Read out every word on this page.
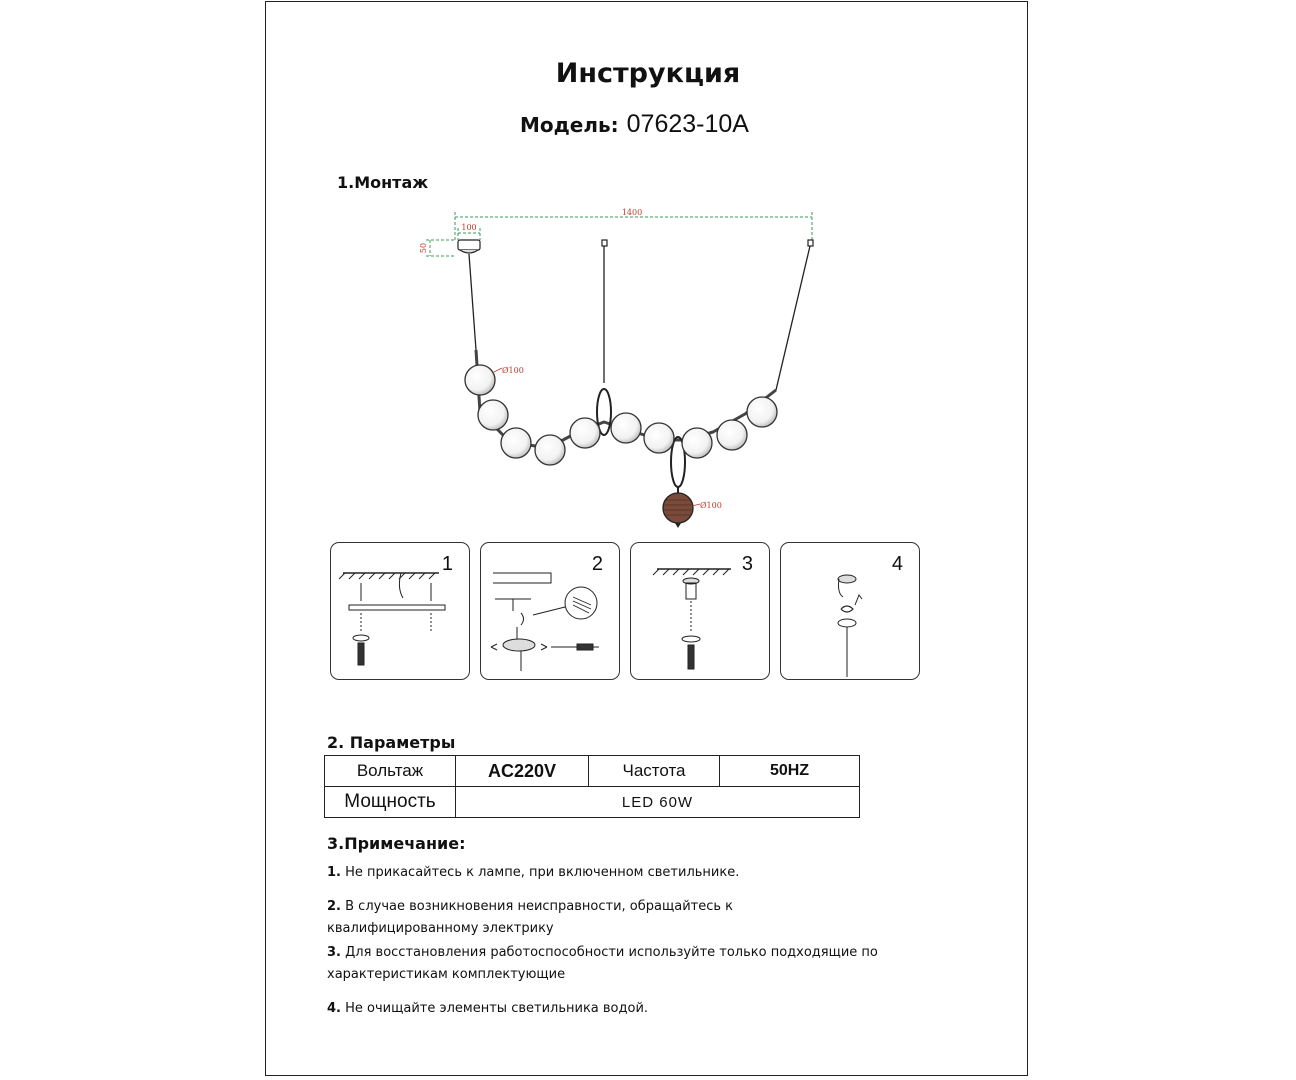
Инструкция
Модель: 07623-10A
1.Монтаж
1400
100
50
Ø100
Ø100
1	2	3	4
2. Параметры
Вольтаж	AC220V	Частота	50HZ
Мощность	LED 60W		
3.Примечание:

1. Не прикасайтесь к лампе, при включенном светильнике.

2. В случае возникновения неисправности, обращайтесь к квалифицированному электрику

3. Для восстановления работоспособности используйте только подходящие по характеристикам комплектующие

4. Не очищайте элементы светильника водой.
